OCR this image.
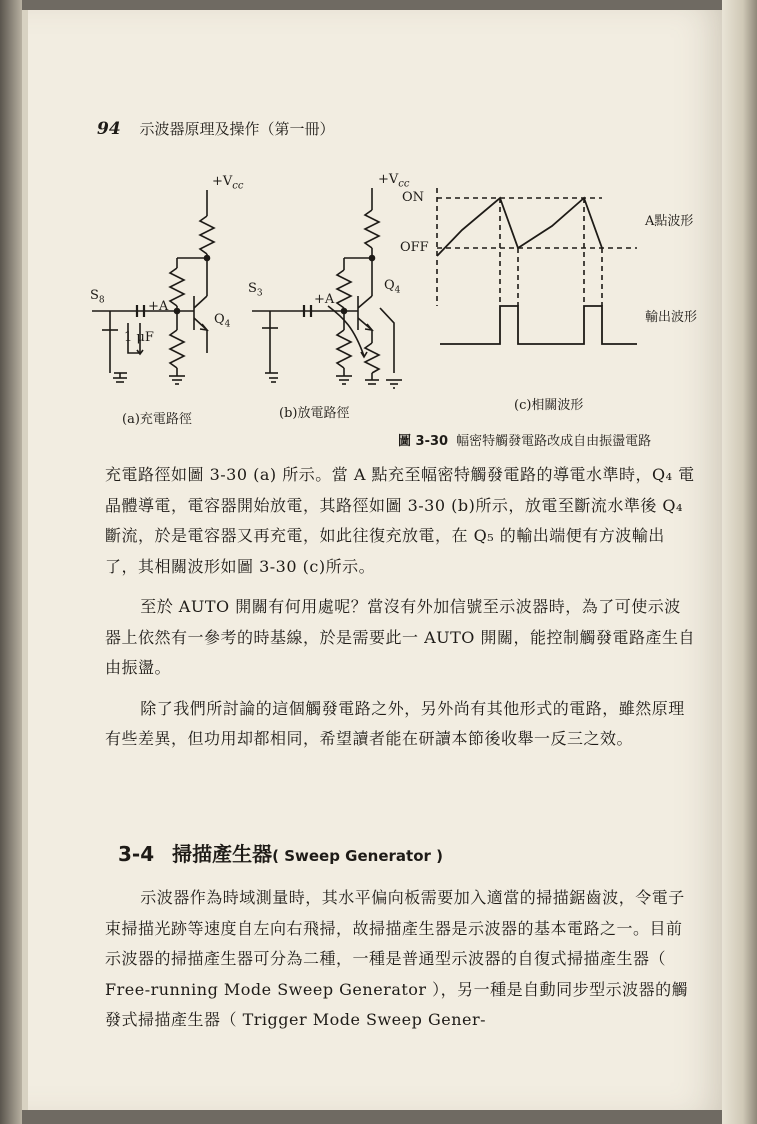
94 示波器原理及操作（第一冊）
$+V_{cc}$	$+V_{cc}$
$S_8$
$S_3$
+A	+A
1 μF
$Q_4$
$Q_4$
ON
OFF
A點波形
輸出波形
(a)充電路徑	(b)放電路徑
(c)相關波形
圖 3-30 幅密特觸發電路改成自由振盪電路

充電路徑如圖 3-30 (a) 所示。當 A 點充至幅密特觸發電路的導電水準時，Q₄ 電晶體導電，電容器開始放電，其路徑如圖 3-30 (b)所示，放電至斷流水準後 Q₄ 斷流，於是電容器又再充電，如此往復充放電，在 Q₅ 的輸出端便有方波輸出了，其相關波形如圖 3-30 (c)所示。

至於 AUTO 開關有何用處呢？當沒有外加信號至示波器時，為了可使示波器上依然有一參考的時基線，於是需要此一 AUTO 開關，能控制觸發電路產生自由振盪。

除了我們所討論的這個觸發電路之外，另外尚有其他形式的電路，雖然原理有些差異，但功用却都相同，希望讀者能在研讀本節後收舉一反三之效。

3-4 掃描產生器( Sweep Generator )

示波器作為時域測量時，其水平偏向板需要加入適當的掃描鋸齒波，令電子束掃描光跡等速度自左向右飛掃，故掃描產生器是示波器的基本電路之一。目前示波器的掃描產生器可分為二種，一種是普通型示波器的自復式掃描產生器（ Free-running Mode Sweep Generator ），另一種是自動同步型示波器的觸發式掃描產生器（ Trigger Mode Sweep Gener-
